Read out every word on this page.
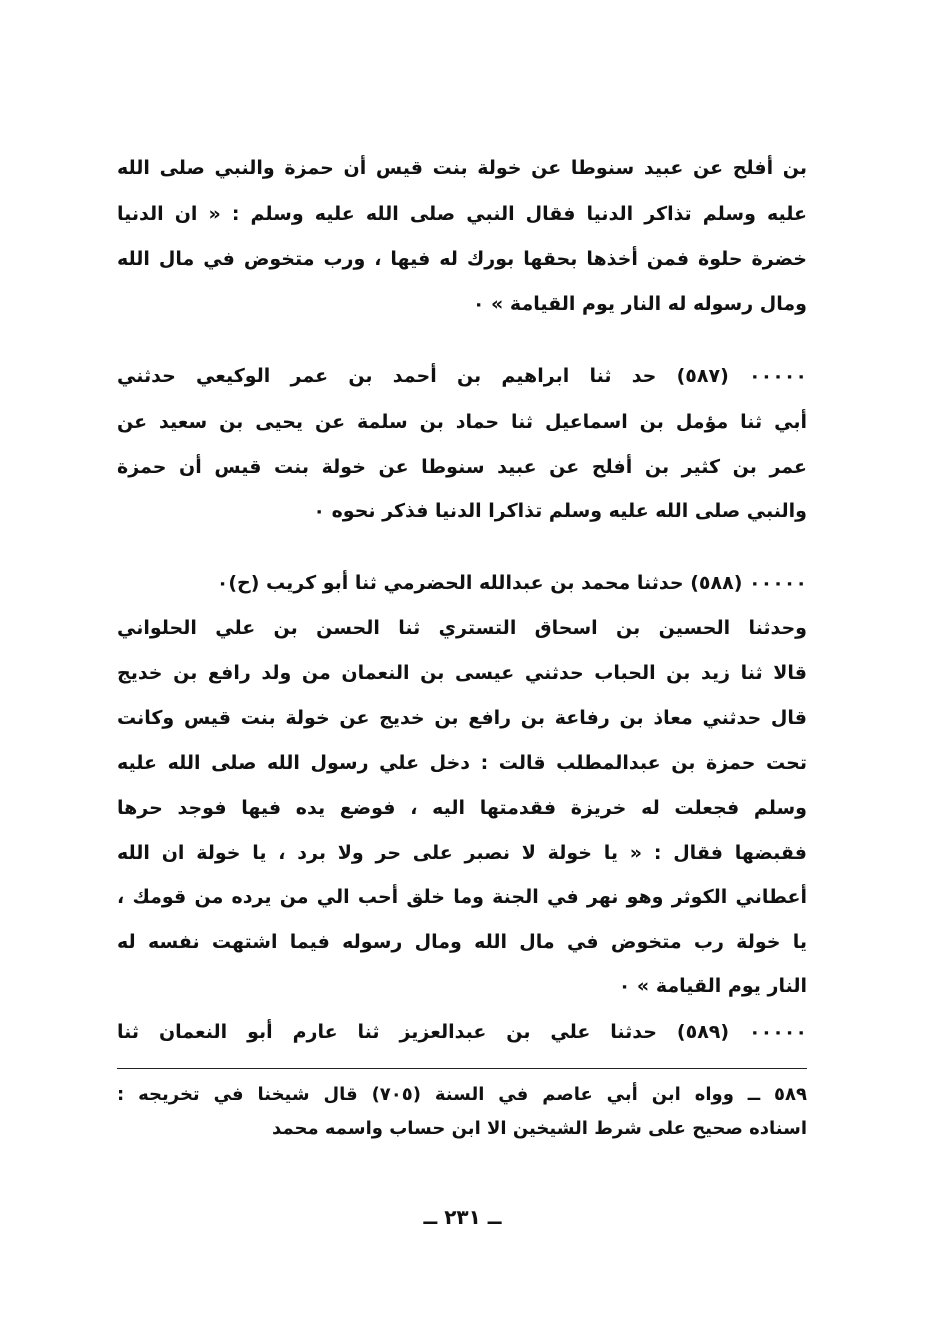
بن أفلح عن عبيد سنوطا عن خولة بنت قيس أن حمزة والنبي صلى الله
عليه وسلم تذاكر الدنيا فقال النبي صلى الله عليه وسلم : « ان الدنيا
خضرة حلوة فمن أخذها بحقها بورك له فيها ، ورب متخوض في مال الله
ومال رسوله له النار يوم القيامة » ٠
٠٠٠٠٠ (٥٨٧) حد ثنا ابراهيم بن أحمد بن عمر الوكيعي حدثني
أبي ثنا مؤمل بن اسماعيل ثنا حماد بن سلمة عن يحيى بن سعيد عن
عمر بن كثير بن أفلح عن عبيد سنوطا عن خولة بنت قيس أن حمزة
والنبي صلى الله عليه وسلم تذاكرا الدنيا فذكر نحوه ٠
٠٠٠٠٠ (٥٨٨) حدثنا محمد بن عبدالله الحضرمي ثنا أبو كريب (ح)٠
وحدثنا الحسين بن اسحاق التستري ثنا الحسن بن علي الحلواني
قالا ثنا زيد بن الحباب حدثني عيسى بن النعمان من ولد رافع بن خديج
قال حدثني معاذ بن رفاعة بن رافع بن خديج عن خولة بنت قيس وكانت
تحت حمزة بن عبدالمطلب قالت : دخل علي رسول الله صلى الله عليه
وسلم فجعلت له خريزة فقدمتها اليه ، فوضع يده فيها فوجد حرها
فقبضها فقال : « يا خولة لا نصبر على حر ولا برد ، يا خولة ان الله
أعطاني الكوثر وهو نهر في الجنة وما خلق أحب الي من يرده من قومك ،
يا خولة رب متخوض في مال الله ومال رسوله فيما اشتهت نفسه له
النار يوم القيامة » ٠
٠٠٠٠٠ (٥٨٩) حدثنا علي بن عبدالعزيز ثنا عارم أبو النعمان ثنا
٥٨٩ ــ وواه ابن أبي عاصم في السنة (٧٠٥) قال شيخنا في تخريجه :
اسناده صحيح على شرط الشيخين الا ابن حساب واسمه محمد
ــ ٢٣١ ــ
